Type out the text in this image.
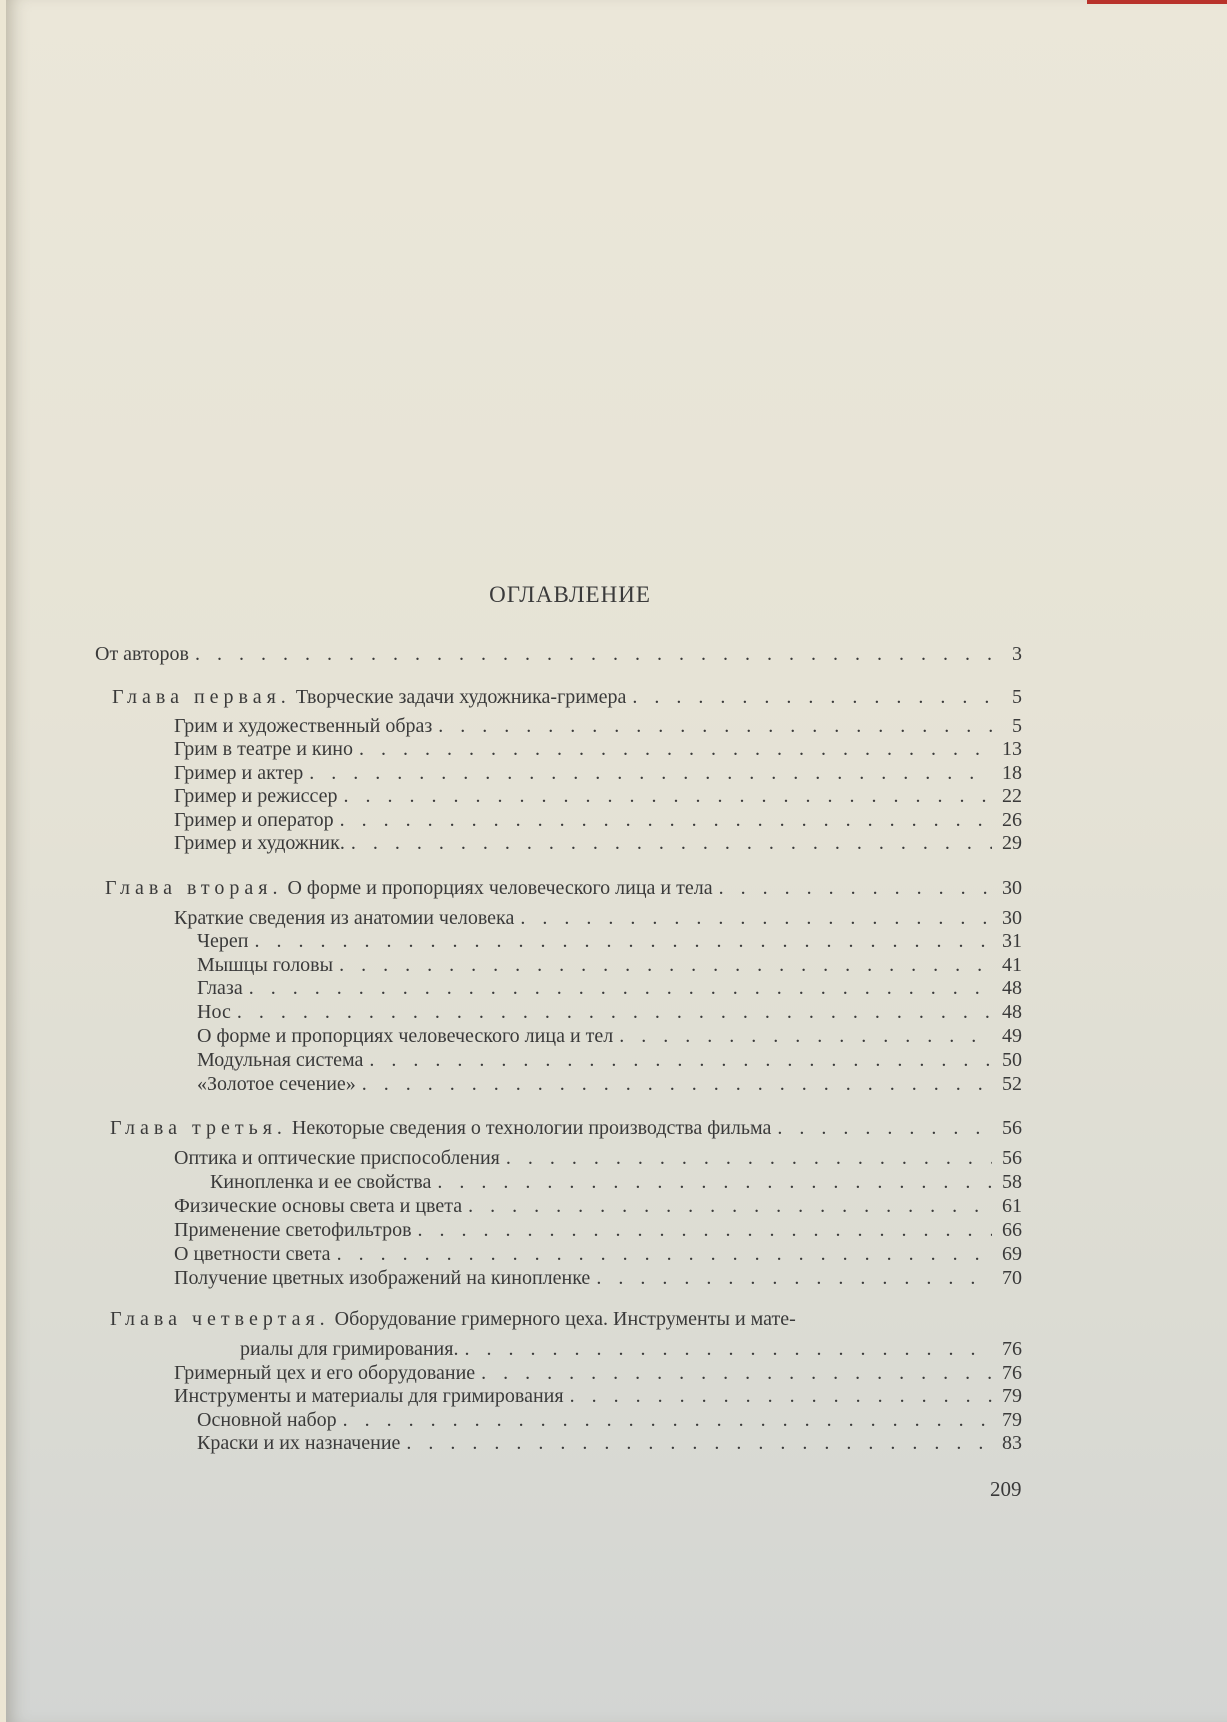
ОГЛАВЛЕНИЕ
От авторов . . .	3
Глава первая. Творческие задачи художника-гримера . . .	5
Грим и художественный образ . . .	5
Грим в театре и кино . . .	13
Гример и актер . . .	18
Гример и режиссер . . .	22
Гример и оператор . . .	26
Гример и художник. . . .	29
Глава вторая. О форме и пропорциях человеческого лица и тела . . .	30
Краткие сведения из анатомии человека . . .	30
Череп . . .	31
Мышцы головы . . .	41
Глаза . . .	48
Нос . . .	48
О форме и пропорциях человеческого лица и тел . . .	49
Модульная система . . .	50
«Золотое сечение» . . .	52
Глава третья. Некоторые сведения о технологии производства фильма . . .	56
Оптика и оптические приспособления . . .	56
Кинопленка и ее свойства . . .	58
Физические основы света и цвета . . .	61
Применение светофильтров . . .	66
О цветности света . . .	69
Получение цветных изображений на кинопленке . . .	70
Глава четвертая. Оборудование гримерного цеха. Инструменты и мате-
риалы для гримирования. . . .	76
Гримерный цех и его оборудование . . .	76
Инструменты и материалы для гримирования . . .	79
Основной набор . . .	79
Краски и их назначение . . .	83
209
